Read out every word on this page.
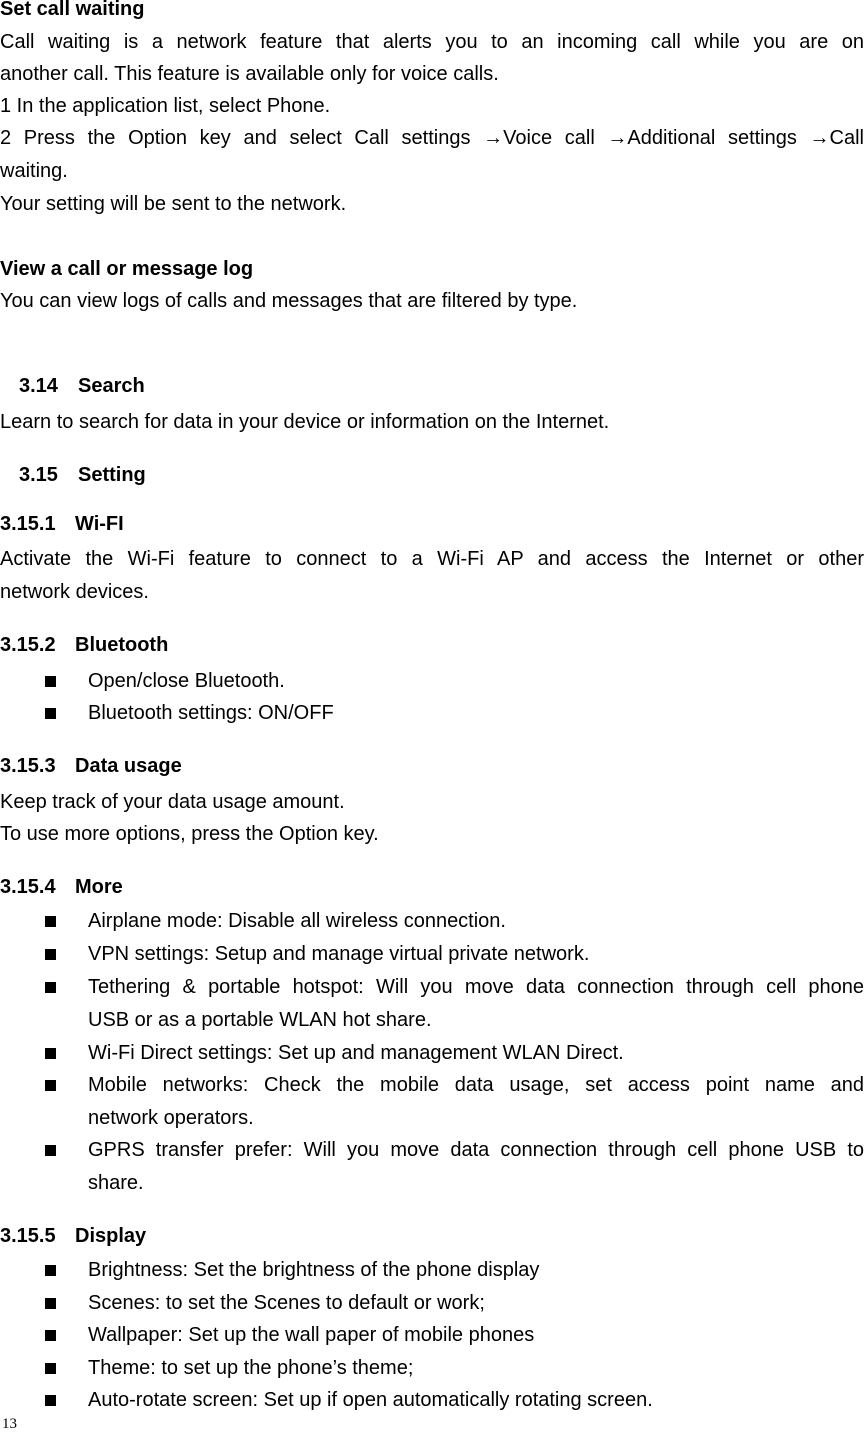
Set call waiting
Call waiting is a network feature that alerts you to an incoming call while you are on
another call. This feature is available only for voice calls.
1 In the application list, select Phone.
2 Press the Option key and select Call settings →Voice call →Additional settings →Call
waiting.
Your setting will be sent to the network.
View a call or message log
You can view logs of calls and messages that are filtered by type.
3.14 Search
Learn to search for data in your device or information on the Internet.
3.15 Setting
3.15.1 Wi-FI
Activate the Wi-Fi feature to connect to a Wi-Fi AP and access the Internet or other
network devices.
3.15.2 Bluetooth
Open/close Bluetooth.
Bluetooth settings: ON/OFF
3.15.3 Data usage
Keep track of your data usage amount.
To use more options, press the Option key.
3.15.4 More
Airplane mode: Disable all wireless connection.
VPN settings: Setup and manage virtual private network.
Tethering & portable hotspot: Will you move data connection through cell phone
USB or as a portable WLAN hot share.
Wi-Fi Direct settings: Set up and management WLAN Direct.
Mobile networks: Check the mobile data usage, set access point name and
network operators.
GPRS transfer prefer: Will you move data connection through cell phone USB to
share.
3.15.5 Display
Brightness: Set the brightness of the phone display
Scenes: to set the Scenes to default or work;
Wallpaper: Set up the wall paper of mobile phones
Theme: to set up the phone’s theme;
Auto-rotate screen: Set up if open automatically rotating screen.
13
